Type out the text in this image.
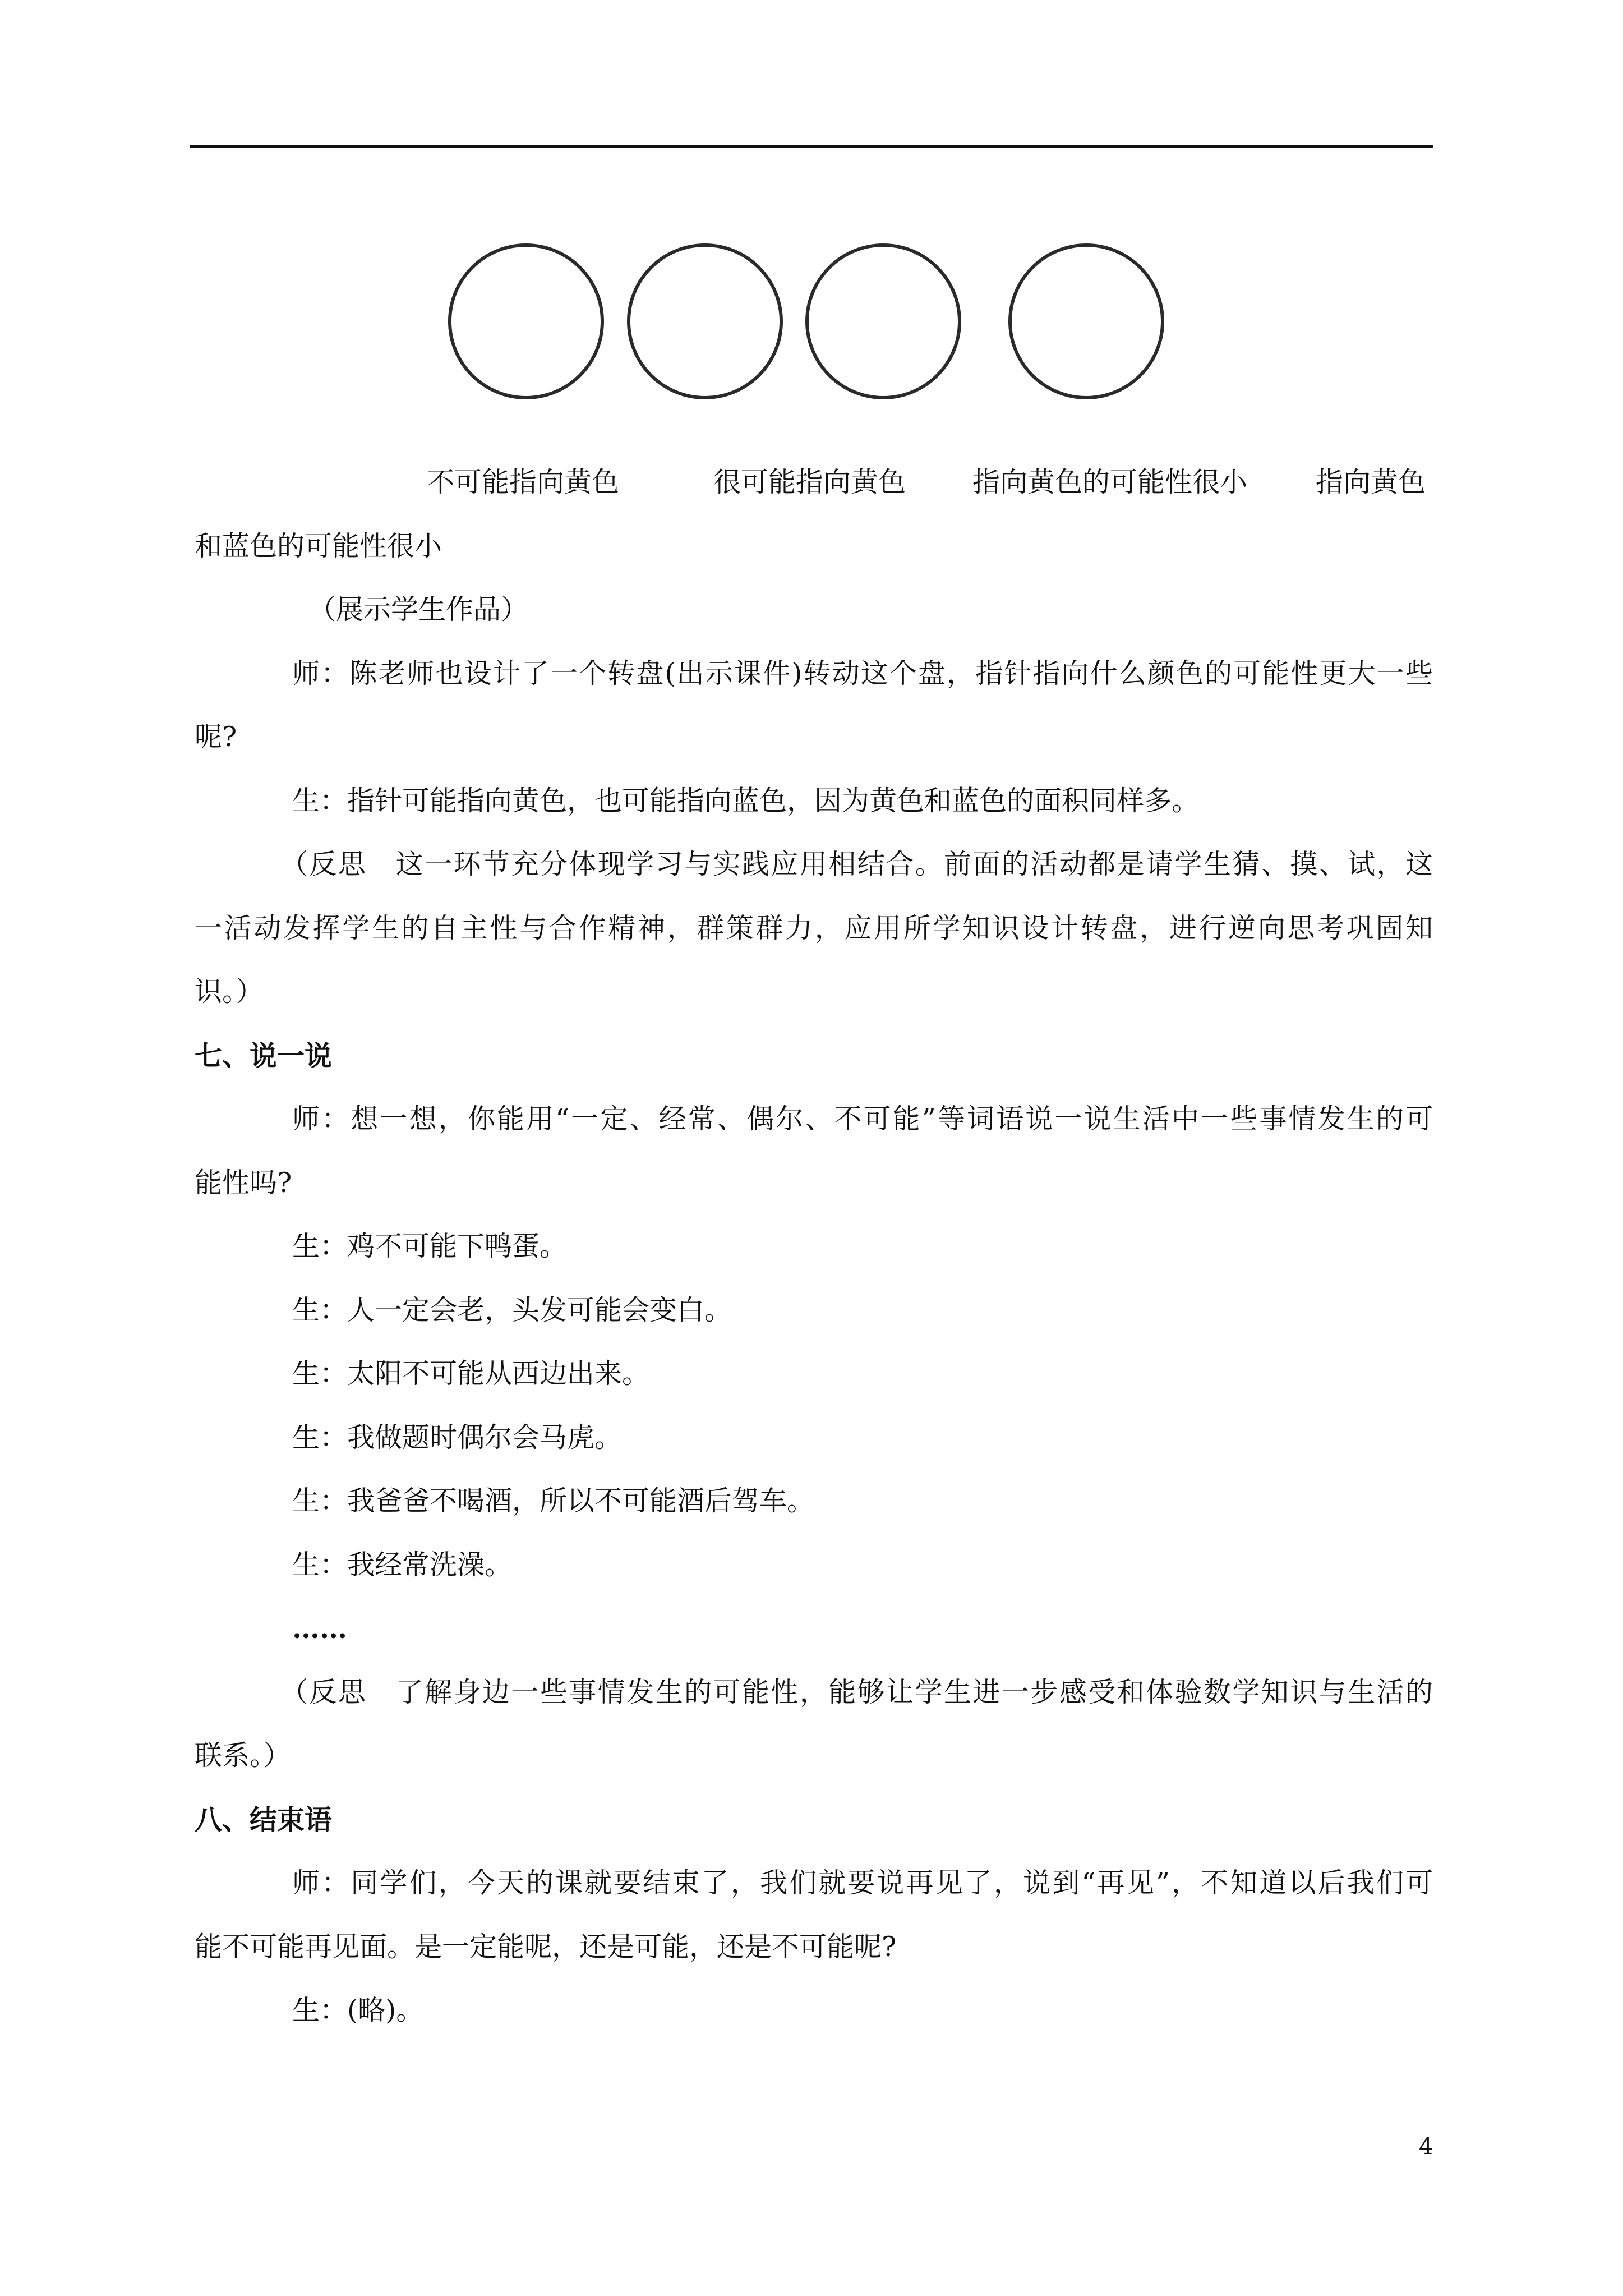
不可能指向黄色	很可能指向黄色 指向黄色的可能性很小 指向黄色
和蓝色的可能性很小
（展示学生作品）
师：陈老师也设计了一个转盘(出示课件)转动这个盘，指针指向什么颜色的可能性更大一些
呢?
生：指针可能指向黄色，也可能指向蓝色，因为黄色和蓝色的面积同样多。
（反思　这一环节充分体现学习与实践应用相结合。前面的活动都是请学生猜、摸、试，这
一活动发挥学生的自主性与合作精神，群策群力，应用所学知识设计转盘，进行逆向思考巩固知
识。）
七、说一说
师：想一想，你能用“一定、经常、偶尔、不可能”等词语说一说生活中一些事情发生的可
能性吗?
生：鸡不可能下鸭蛋。
生：人一定会老，头发可能会变白。
生：太阳不可能从西边出来。
生：我做题时偶尔会马虎。
生：我爸爸不喝酒，所以不可能酒后驾车。
生：我经常洗澡。
……
（反思　了解身边一些事情发生的可能性，能够让学生进一步感受和体验数学知识与生活的
联系。）
八、结束语
师：同学们，今天的课就要结束了，我们就要说再见了，说到“再见”，不知道以后我们可
能不可能再见面。是一定能呢，还是可能，还是不可能呢?
生：(略)。
4
